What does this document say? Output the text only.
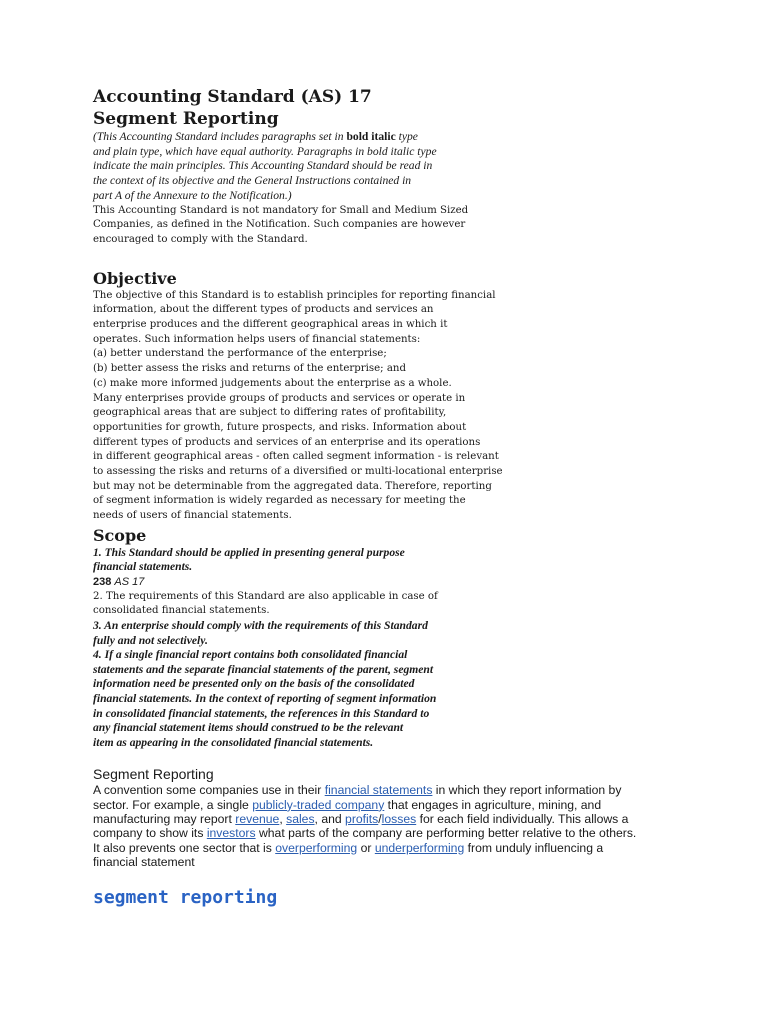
Accounting Standard (AS) 17

Segment Reporting

(This Accounting Standard includes paragraphs set in bold italic type

and plain type, which have equal authority. Paragraphs in bold italic type

indicate the main principles. This Accounting Standard should be read in

the context of its objective and the General Instructions contained in

part A of the Annexure to the Notification.)

This Accounting Standard is not mandatory for Small and Medium Sized

Companies, as defined in the Notification. Such companies are however

encouraged to comply with the Standard.

Objective

The objective of this Standard is to establish principles for reporting financial

information, about the different types of products and services an

enterprise produces and the different geographical areas in which it

operates. Such information helps users of financial statements:

(a) better understand the performance of the enterprise;

(b) better assess the risks and returns of the enterprise; and

(c) make more informed judgements about the enterprise as a whole.

Many enterprises provide groups of products and services or operate in

geographical areas that are subject to differing rates of profitability,

opportunities for growth, future prospects, and risks. Information about

different types of products and services of an enterprise and its operations

in different geographical areas - often called segment information - is relevant

to assessing the risks and returns of a diversified or multi-locational enterprise

but may not be determinable from the aggregated data. Therefore, reporting

of segment information is widely regarded as necessary for meeting the

needs of users of financial statements.

Scope

1. This Standard should be applied in presenting general purpose

financial statements.

238 AS 17

2. The requirements of this Standard are also applicable in case of

consolidated financial statements.

3. An enterprise should comply with the requirements of this Standard

fully and not selectively.

4. If a single financial report contains both consolidated financial

statements and the separate financial statements of the parent, segment

information need be presented only on the basis of the consolidated

financial statements. In the context of reporting of segment information

in consolidated financial statements, the references in this Standard to

any financial statement items should construed to be the relevant

item as appearing in the consolidated financial statements.

Segment Reporting

A convention some companies use in their financial statements in which they report information by sector. For example, a single publicly-traded company that engages in agriculture, mining, and manufacturing may report revenue, sales, and profits/losses for each field individually. This allows a company to show its investors what parts of the company are performing better relative to the others. It also prevents one sector that is overperforming or underperforming from unduly influencing a financial statement

segment reporting
